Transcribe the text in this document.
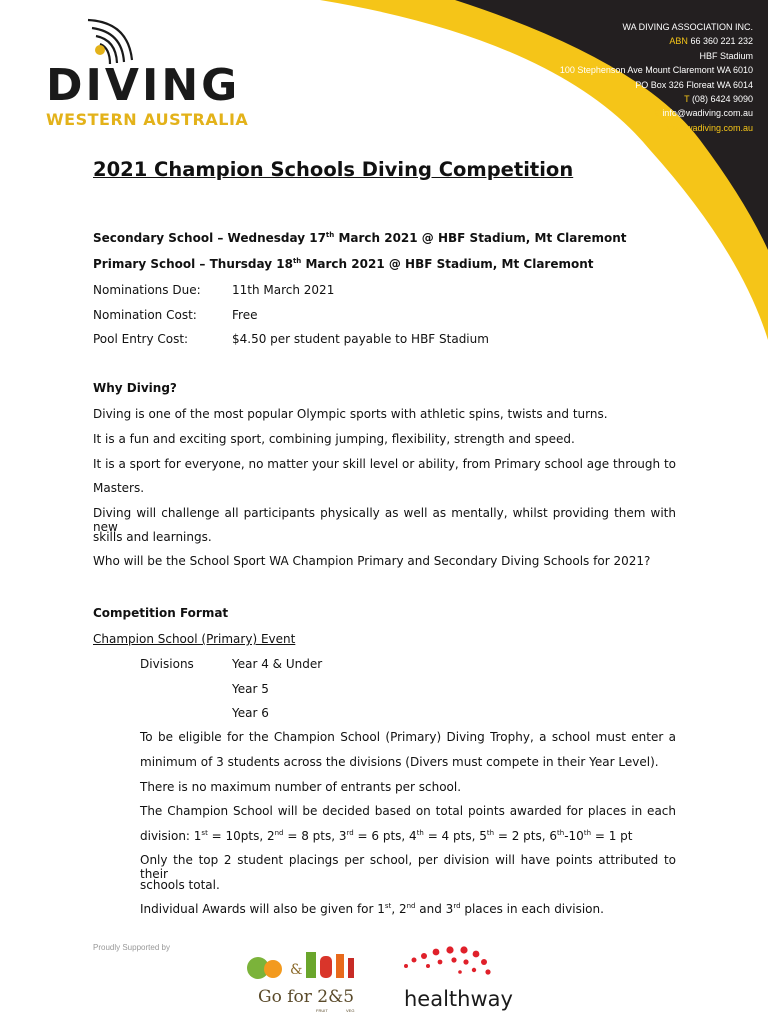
DIVING
WESTERN AUSTRALIA
WA DIVING ASSOCIATION INC.
ABN 66 360 221 232
HBF Stadium
100 Stephenson Ave Mount Claremont WA 6010
PO Box 326 Floreat WA 6014
T (08) 6424 9090
E info@wadiving.com.au
www.wadiving.com.au
2021 Champion Schools Diving Competition
Secondary School – Wednesday 17th March 2021 @ HBF Stadium, Mt Claremont
Primary School – Thursday 18th March 2021 @ HBF Stadium, Mt Claremont
Nominations Due:	11th March 2021
Nomination Cost:	Free
Pool Entry Cost:	$4.50 per student payable to HBF Stadium
Why Diving?
Diving is one of the most popular Olympic sports with athletic spins, twists and turns.
It is a fun and exciting sport, combining jumping, flexibility, strength and speed.
It is a sport for everyone, no matter your skill level or ability, from Primary school age through to
Masters.
Diving will challenge all participants physically as well as mentally, whilst providing them with new
skills and learnings.
Who will be the School Sport WA Champion Primary and Secondary Diving Schools for 2021?
Competition Format
Champion School (Primary) Event
Divisions	Year 4 & Under
Year 5
Year 6
To be eligible for the Champion School (Primary) Diving Trophy, a school must enter a
minimum of 3 students across the divisions (Divers must compete in their Year Level).
There is no maximum number of entrants per school.
The Champion School will be decided based on total points awarded for places in each
division: 1st = 10pts, 2nd = 8 pts, 3rd = 6 pts, 4th = 4 pts, 5th = 2 pts, 6th-10th = 1 pt
Only the top 2 student placings per school, per division will have points attributed to their
schools total.
Individual Awards will also be given for 1st, 2nd and 3rd places in each division.
Proudly Supported by
&
Go for 2&5
FRUIT	VEG healthway
